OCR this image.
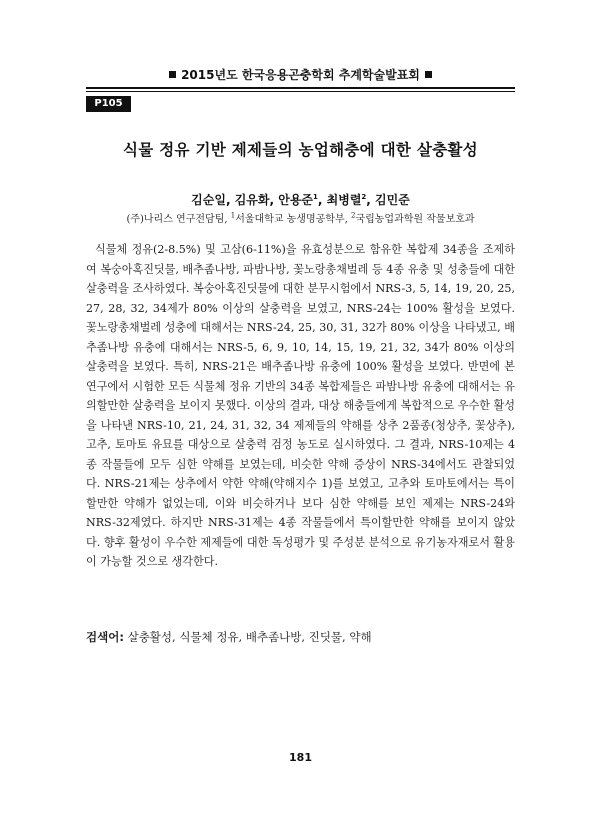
2015년도 한국응용곤충학회 추계학술발표회
P105
식물 정유 기반 제제들의 농업해충에 대한 살충활성
김순일, 김유화, 안용준$^1$, 최병렬$^2$, 김민준
(주)나리스 연구전담팀, $^1$서울대학교 농생명공학부, $^2$국립농업과학원 작물보호과

식물체 정유(2-8.5%) 및 고삼(6-11%)을 유효성분으로 함유한 복합제 34종을 조제하여 복숭아혹진딧물, 배추좀나방, 파밤나방, 꽃노랑총채벌레 등 4종 유충 및 성충들에 대한 살충력을 조사하였다. 복숭아혹진딧물에 대한 분무시험에서 NRS-3, 5, 14, 19, 20, 25, 27, 28, 32, 34제가 80% 이상의 살충력을 보였고, NRS-24는 100% 활성을 보였다. 꽃노랑총채벌레 성충에 대해서는 NRS-24, 25, 30, 31, 32가 80% 이상을 나타냈고, 배추좀나방 유충에 대해서는 NRS-5, 6, 9, 10, 14, 15, 19, 21, 32, 34가 80% 이상의 살충력을 보였다. 특히, NRS-21은 배추좀나방 유충에 100% 활성을 보였다. 반면에 본 연구에서 시험한 모든 식물체 정유 기반의 34종 복합제들은 파밤나방 유충에 대해서는 유의할만한 살충력을 보이지 못했다. 이상의 결과, 대상 해충들에게 복합적으로 우수한 활성을 나타낸 NRS-10, 21, 24, 31, 32, 34 제제들의 약해를 상추 2품종(청상추, 꽃상추), 고추, 토마토 유묘를 대상으로 살충력 검정 농도로 실시하였다. 그 결과, NRS-10제는 4종 작물들에 모두 심한 약해를 보였는데, 비슷한 약해 증상이 NRS-34에서도 관찰되었다. NRS-21제는 상추에서 약한 약해(약해지수 1)를 보였고, 고추와 토마토에서는 특이할만한 약해가 없었는데, 이와 비슷하거나 보다 심한 약해를 보인 제제는 NRS-24와 NRS-32제였다. 하지만 NRS-31제는 4종 작물들에서 특이할만한 약해를 보이지 않았다. 향후 활성이 우수한 제제들에 대한 독성평가 및 주성분 분석으로 유기농자재로서 활용이 가능할 것으로 생각한다.

검색어: 살충활성, 식물체 정유, 배추좀나방, 진딧물, 약해
181
